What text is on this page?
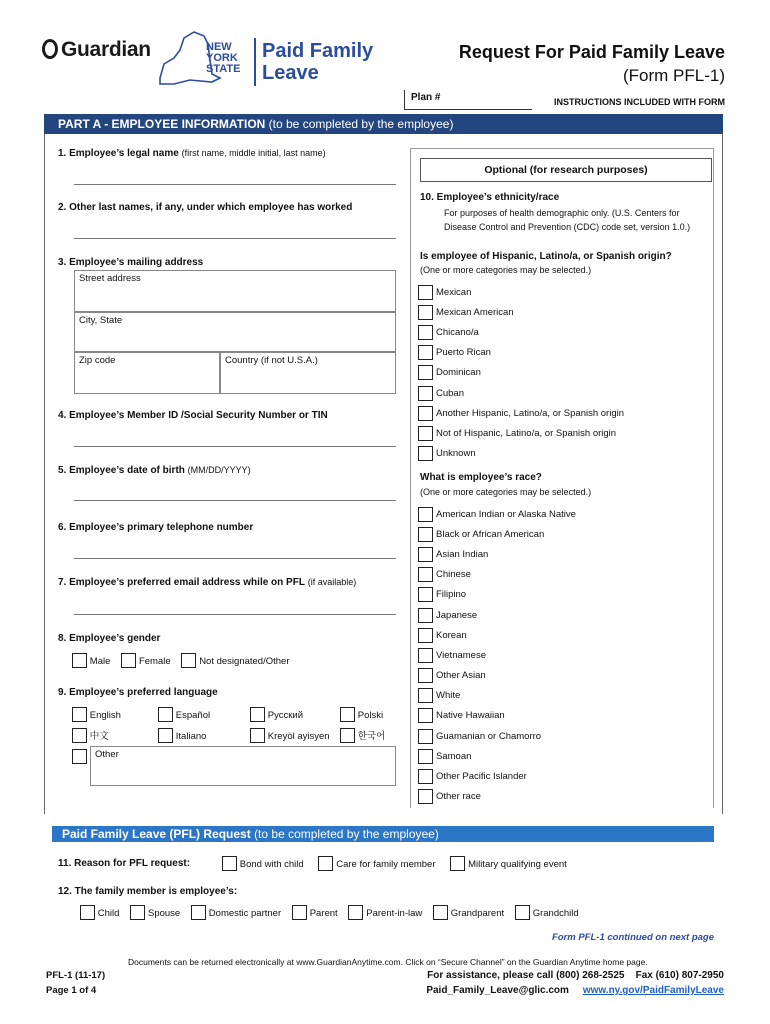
Guardian	NEW
YORK
STATE
Paid Family
Leave
Request For Paid Family Leave
(Form PFL-1)
Plan #	INSTRUCTIONS INCLUDED WITH FORM
PART A - EMPLOYEE INFORMATION (to be completed by the employee)
1. Employee’s legal name (first name, middle initial, last name)
2. Other last names, if any, under which employee has worked
3. Employee’s mailing address
Street address
City, State
Zip code	Country (if not U.S.A.)
4. Employee’s Member ID /Social Security Number or TIN
5. Employee’s date of birth (MM/DD/YYYY)
6. Employee’s primary telephone number
7. Employee’s preferred email address while on PFL (if available)
8. Employee’s gender
Male	Female	Not designated/Other
9. Employee’s preferred language
English	Español	Русский	Polski
中文	Italiano	Kreyòl ayisyen	한국어
Other
Optional (for research purposes)
10. Employee’s ethnicity/race
For purposes of health demographic only. (U.S. Centers for
Disease Control and Prevention (CDC) code set, version 1.0.)
Is employee of Hispanic, Latino/a, or Spanish origin?
(One or more categories may be selected.)
Mexican
Mexican American
Chicano/a
Puerto Rican
Dominican
Cuban
Another Hispanic, Latino/a, or Spanish origin
Not of Hispanic, Latino/a, or Spanish origin
Unknown
What is employee’s race?
(One or more categories may be selected.)
American Indian or Alaska Native
Black or African American
Asian Indian
Chinese
Filipino
Japanese
Korean
Vietnamese
Other Asian
White
Native Hawaiian
Guamanian or Chamorro
Samoan
Other Pacific Islander
Other race
Paid Family Leave (PFL) Request (to be completed by the employee)
11. Reason for PFL request:	Bond with child	Care for family member	Military qualifying event
12. The family member is employee’s:
Child	Spouse	Domestic partner	Parent	Parent-in-law	Grandparent	Grandchild
Form PFL-1 continued on next page
Documents can be returned electronically at www.GuardianAnytime.com. Click on “Secure Channel” on the Guardian Anytime home page.
PFL-1 (11-17)
Page 1 of 4
For assistance, please call (800) 268-2525 Fax (610) 807-2950
Paid_Family_Leave@glic.com www.ny.gov/PaidFamilyLeave
